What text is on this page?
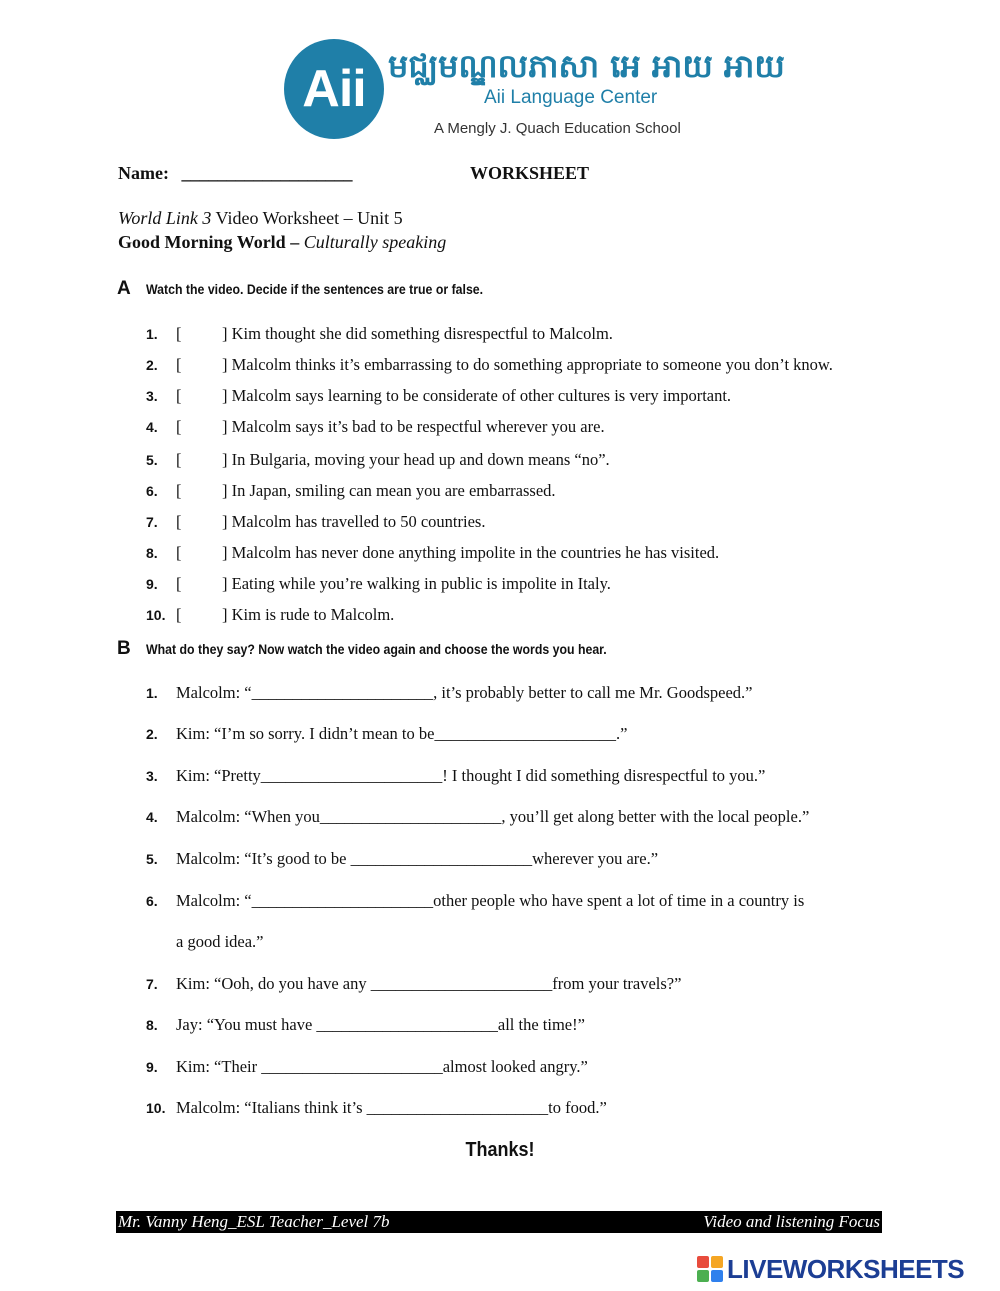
Aii មជ្ឈមណ្ឌលភាសា អេ អាយ អាយ
Aii Language Center
A Mengly J. Quach Education School
Name: ___________________	WORKSHEET
World Link 3 Video Worksheet – Unit 5
Good Morning World – Culturally speaking
A Watch the video. Decide if the sentences are true or false.
1. [ ] Kim thought she did something disrespectful to Malcolm.
2. [ ] Malcolm thinks it’s embarrassing to do something appropriate to someone you don’t know.
3. [ ] Malcolm says learning to be considerate of other cultures is very important.
4. [ ] Malcolm says it’s bad to be respectful wherever you are.
5. [ ] In Bulgaria, moving your head up and down means “no”.
6. [ ] In Japan, smiling can mean you are embarrassed.
7. [ ] Malcolm has travelled to 50 countries.
8. [ ] Malcolm has never done anything impolite in the countries he has visited.
9. [ ] Eating while you’re walking in public is impolite in Italy.
10. [ ] Kim is rude to Malcolm.
B What do they say? Now watch the video again and choose the words you hear.
1. Malcolm: “______________________, it’s probably better to call me Mr. Goodspeed.”
2. Kim: “I’m so sorry. I didn’t mean to be______________________.”
3. Kim: “Pretty______________________! I thought I did something disrespectful to you.”
4. Malcolm: “When you______________________, you’ll get along better with the local people.”
5. Malcolm: “It’s good to be ______________________wherever you are.”
6. Malcolm: “______________________other people who have spent a lot of time in a country is
a good idea.”
7. Kim: “Ooh, do you have any ______________________from your travels?”
8. Jay: “You must have ______________________all the time!”
9. Kim: “Their ______________________almost looked angry.”
10. Malcolm: “Italians think it’s ______________________to food.”
Thanks!
Mr. Vanny Heng_ESL Teacher_Level 7b	Video and listening Focus
LIVEWORKSHEETS
